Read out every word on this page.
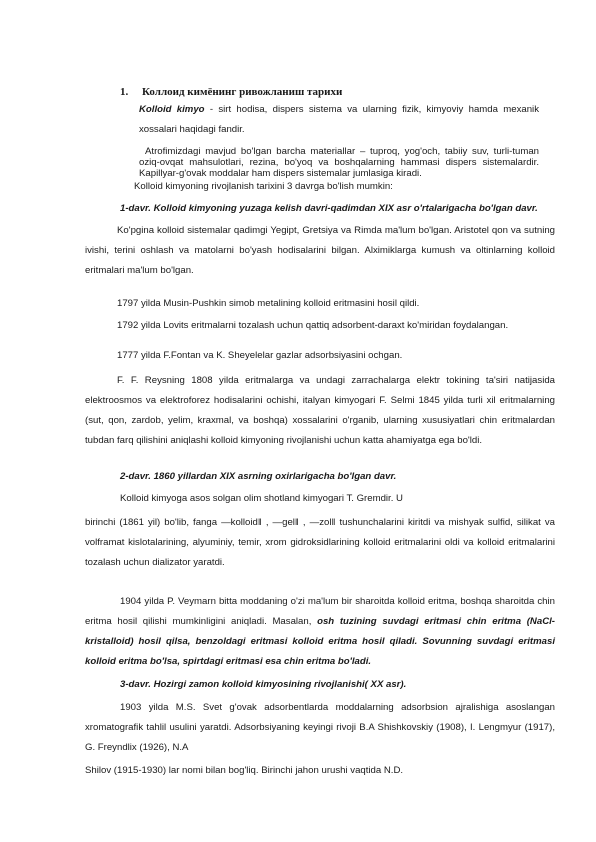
1. Коллоид кимёнинг ривожланиш тарихи

Kolloid kimyo - sirt hodisa, dispers sistema va ularning fizik, kimyoviy hamda mexanik xossalari haqidagi fandir.

Atrofimizdagi mavjud bo'lgan barcha materiallar – tuproq, yog'och, tabiiy suv, turli-tuman oziq-ovqat mahsulotlari, rezina, bo'yoq va boshqalarning hammasi dispers sistemalardir. Kapillyar-g'ovak moddalar ham dispers sistemalar jumlasiga kiradi.

Kolloid kimyoning rivojlanish tarixini 3 davrga bo'lish mumkin:

1-davr. Kolloid kimyoning yuzaga kelish davri-qadimdan XIX asr o'rtalarigacha bo'lgan davr.

Ko'pgina kolloid sistemalar qadimgi Yegipt, Gretsiya va Rimda ma'lum bo'lgan. Aristotel qon va sutning ivishi, terini oshlash va matolarni bo'yash hodisalarini bilgan. Alximiklarga kumush va oltinlarning kolloid eritmalari ma'lum bo'lgan.

1797 yilda Musin-Pushkin simob metalining kolloid eritmasini hosil qildi.

1792 yilda Lovits eritmalarni tozalash uchun qattiq adsorbent-daraxt ko'miridan foydalangan.

1777 yilda F.Fontan va K. Sheyelelar gazlar adsorbsiyasini ochgan.

F. F. Reysning 1808 yilda eritmalarga va undagi zarrachalarga elektr tokining ta'siri natijasida elektroosmos va elektroforez hodisalarini ochishi, italyan kimyogari F. Selmi 1845 yilda turli xil eritmalarning (sut, qon, zardob, yelim, kraxmal, va boshqa) xossalarini o'rganib, ularning xususiyatlari chin eritmalardan tubdan farq qilishini aniqlashi kolloid kimyoning rivojlanishi uchun katta ahamiyatga ega bo'ldi.

2-davr. 1860 yillardan XIX asrning oxirlarigacha bo'lgan davr.

Kolloid kimyoga asos solgan olim shotland kimyogari T. Gremdir. U

birinchi (1861 yil) bo'lib, fanga ―kolloid‖ , ―gel‖ , ―zol‖ tushunchalarini kiritdi va mishyak sulfid, silikat va volframat kislotalarining, alyuminiy, temir, xrom gidroksidlarining kolloid eritmalarini oldi va kolloid eritmalarini tozalash uchun dializator yaratdi.

1904 yilda P. Veymarn bitta moddaning o'zi ma'lum bir sharoitda kolloid eritma, boshqa sharoitda chin eritma hosil qilishi mumkinligini aniqladi. Masalan, osh tuzining suvdagi eritmasi chin eritma (NaCl-kristalloid) hosil qilsa, benzoldagi eritmasi kolloid eritma hosil qiladi. Sovunning suvdagi eritmasi kolloid eritma bo'lsa, spirtdagi eritmasi esa chin eritma bo'ladi.

3-davr. Hozirgi zamon kolloid kimyosining rivojlanishi( XX asr).

1903 yilda M.S. Svet g'ovak adsorbentlarda moddalarning adsorbsion ajralishiga asoslangan xromatografik tahlil usulini yaratdi. Adsorbsiyaning keyingi rivoji B.A Shishkovskiy (1908), I. Lengmyur (1917), G. Freyndlix (1926), N.A

Shilov (1915-1930) lar nomi bilan bog'liq. Birinchi jahon urushi vaqtida N.D.
